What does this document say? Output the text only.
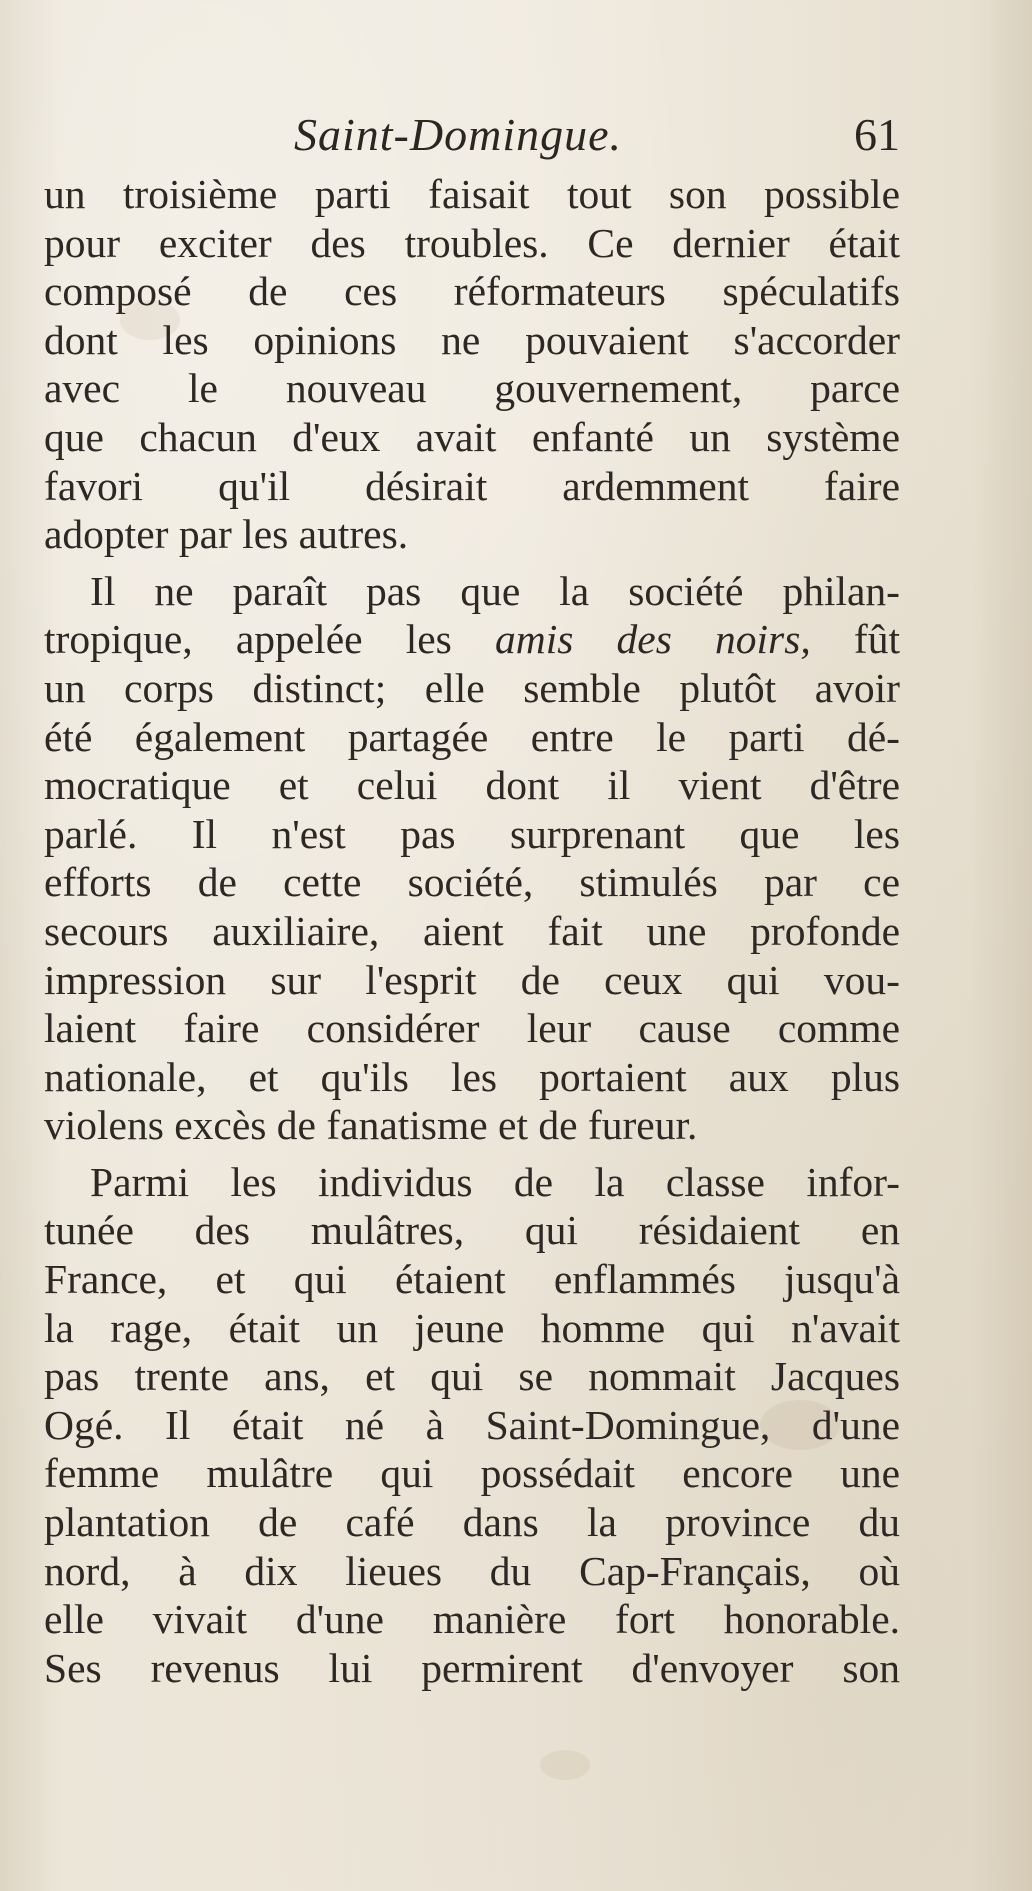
Saint-Domingue.	61
un troisième parti faisait tout son possible
pour exciter des troubles. Ce dernier était
composé de ces réformateurs spéculatifs
dont les opinions ne pouvaient s'accorder
avec le nouveau gouvernement, parce
que chacun d'eux avait enfanté un système
favori qu'il désirait ardemment faire
adopter par les autres.
Il ne paraît pas que la société philan-
tropique, appelée les amis des noirs, fût
un corps distinct; elle semble plutôt avoir
été également partagée entre le parti dé-
mocratique et celui dont il vient d'être
parlé. Il n'est pas surprenant que les
efforts de cette société, stimulés par ce
secours auxiliaire, aient fait une profonde
impression sur l'esprit de ceux qui vou-
laient faire considérer leur cause comme
nationale, et qu'ils les portaient aux plus
violens excès de fanatisme et de fureur.
Parmi les individus de la classe infor-
tunée des mulâtres, qui résidaient en
France, et qui étaient enflammés jusqu'à
la rage, était un jeune homme qui n'avait
pas trente ans, et qui se nommait Jacques
Ogé. Il était né à Saint-Domingue, d'une
femme mulâtre qui possédait encore une
plantation de café dans la province du
nord, à dix lieues du Cap-Français, où
elle vivait d'une manière fort honorable.
Ses revenus lui permirent d'envoyer son
